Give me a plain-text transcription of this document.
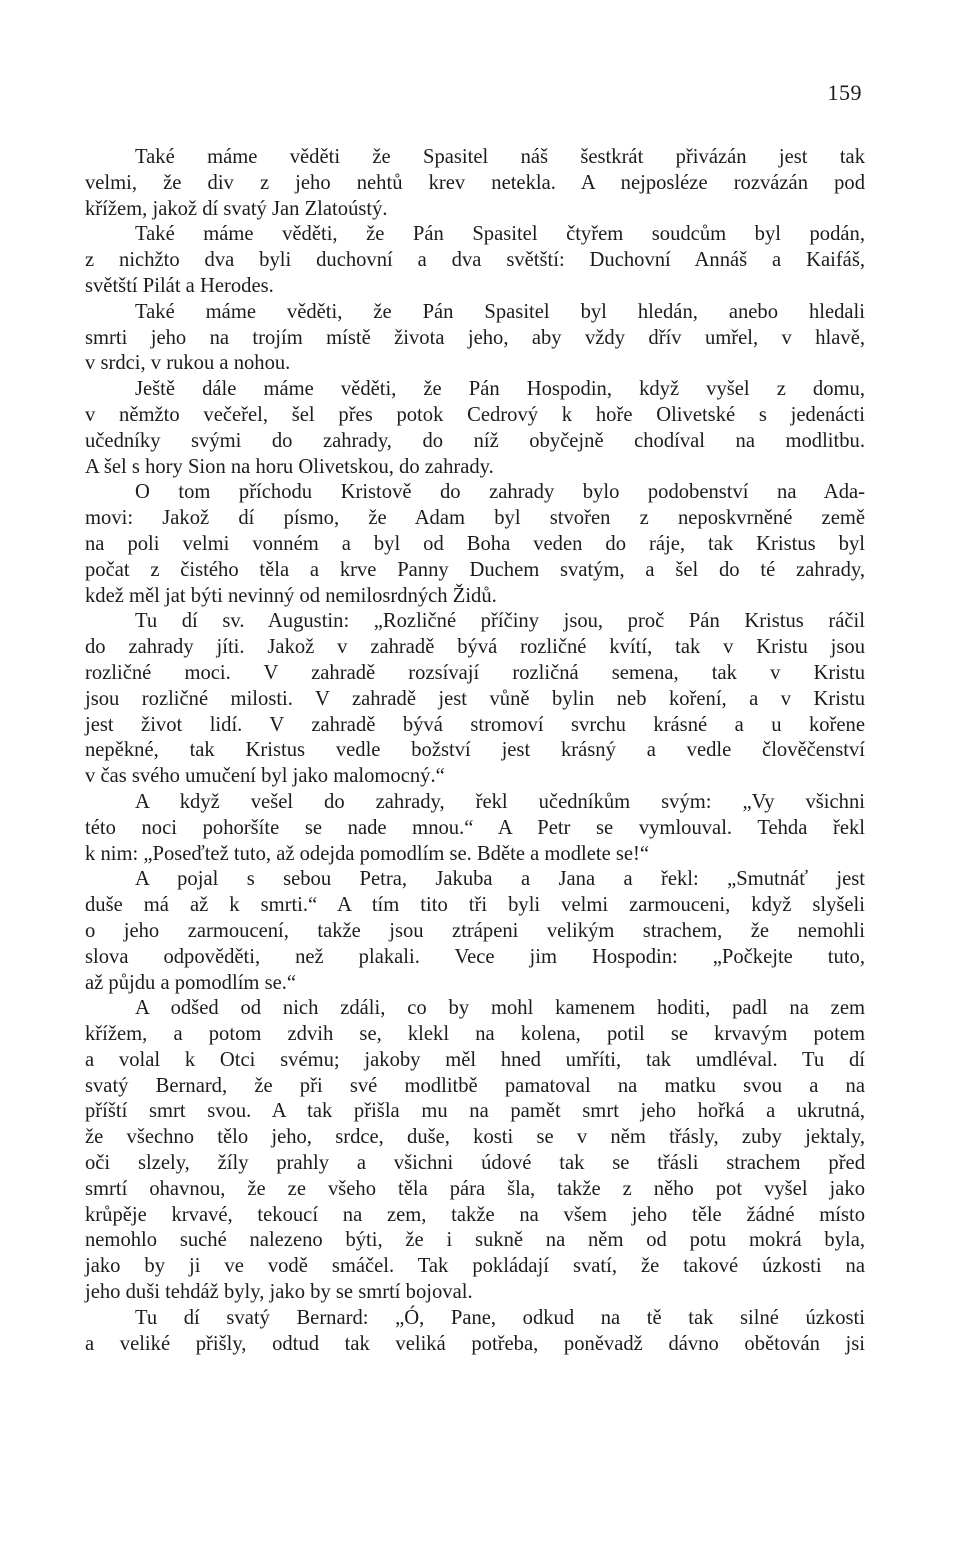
159
Také máme věděti že Spasitel náš šestkrát přivázán jest tak
velmi, že div z jeho nehtů krev netekla. A nejposléze rozvázán pod
křížem, jakož dí svatý Jan Zlatoústý.
Také máme věděti, že Pán Spasitel čtyřem soudcům byl podán,
z nichžto dva byli duchovní a dva světští: Duchovní Annáš a Kaifáš,
světští Pilát a Herodes.
Také máme věděti, že Pán Spasitel byl hledán, anebo hledali
smrti jeho na trojím místě života jeho, aby vždy dřív umřel, v hlavě,
v srdci, v rukou a nohou.
Ještě dále máme věděti, že Pán Hospodin, když vyšel z domu,
v němžto večeřel, šel přes potok Cedrový k hoře Olivetské s jedenácti
učedníky svými do zahrady, do níž obyčejně chodíval na modlitbu.
A šel s hory Sion na horu Olivetskou, do zahrady.
O tom příchodu Kristově do zahrady bylo podobenství na Ada-
movi: Jakož dí písmo, že Adam byl stvořen z neposkvrněné země
na poli velmi vonném a byl od Boha veden do ráje, tak Kristus byl
počat z čistého těla a krve Panny Duchem svatým, a šel do té zahrady,
kdež měl jat býti nevinný od nemilosrdných Židů.
Tu dí sv. Augustin: „Rozličné příčiny jsou, proč Pán Kristus ráčil
do zahrady jíti. Jakož v zahradě bývá rozličné kvítí, tak v Kristu jsou
rozličné moci. V zahradě rozsívají rozličná semena, tak v Kristu
jsou rozličné milosti. V zahradě jest vůně bylin neb koření, a v Kristu
jest život lidí. V zahradě bývá stromoví svrchu krásné a u kořene
nepěkné, tak Kristus vedle božství jest krásný a vedle člověčenství
v čas svého umučení byl jako malomocný.“
A když vešel do zahrady, řekl učedníkům svým: „Vy všichni
této noci pohoršíte se nade mnou.“ A Petr se vymlouval. Tehda řekl
k nim: „Poseďtež tuto, až odejda pomodlím se. Bděte a modlete se!“
A pojal s sebou Petra, Jakuba a Jana a řekl: „Smutnáť jest
duše má až k smrti.“ A tím tito tři byli velmi zarmouceni, když slyšeli
o jeho zarmoucení, takže jsou ztrápeni velikým strachem, že nemohli
slova odpověděti, než plakali. Vece jim Hospodin: „Počkejte tuto,
až půjdu a pomodlím se.“
A odšed od nich zdáli, co by mohl kamenem hoditi, padl na zem
křížem, a potom zdvih se, klekl na kolena, potil se krvavým potem
a volal k Otci svému; jakoby měl hned umříti, tak umdléval. Tu dí
svatý Bernard, že při své modlitbě pamatoval na matku svou a na
příští smrt svou. A tak přišla mu na pamět smrt jeho hořká a ukrutná,
že všechno tělo jeho, srdce, duše, kosti se v něm třásly, zuby jektaly,
oči slzely, žíly prahly a všichni údové tak se třásli strachem před
smrtí ohavnou, že ze všeho těla pára šla, takže z něho pot vyšel jako
krůpěje krvavé, tekoucí na zem, takže na všem jeho těle žádné místo
nemohlo suché nalezeno býti, že i sukně na něm od potu mokrá byla,
jako by ji ve vodě smáčel. Tak pokládají svatí, že takové úzkosti na
jeho duši tehdáž byly, jako by se smrtí bojoval.
Tu dí svatý Bernard: „Ó, Pane, odkud na tě tak silné úzkosti
a veliké přišly, odtud tak veliká potřeba, poněvadž dávno obětován jsi
